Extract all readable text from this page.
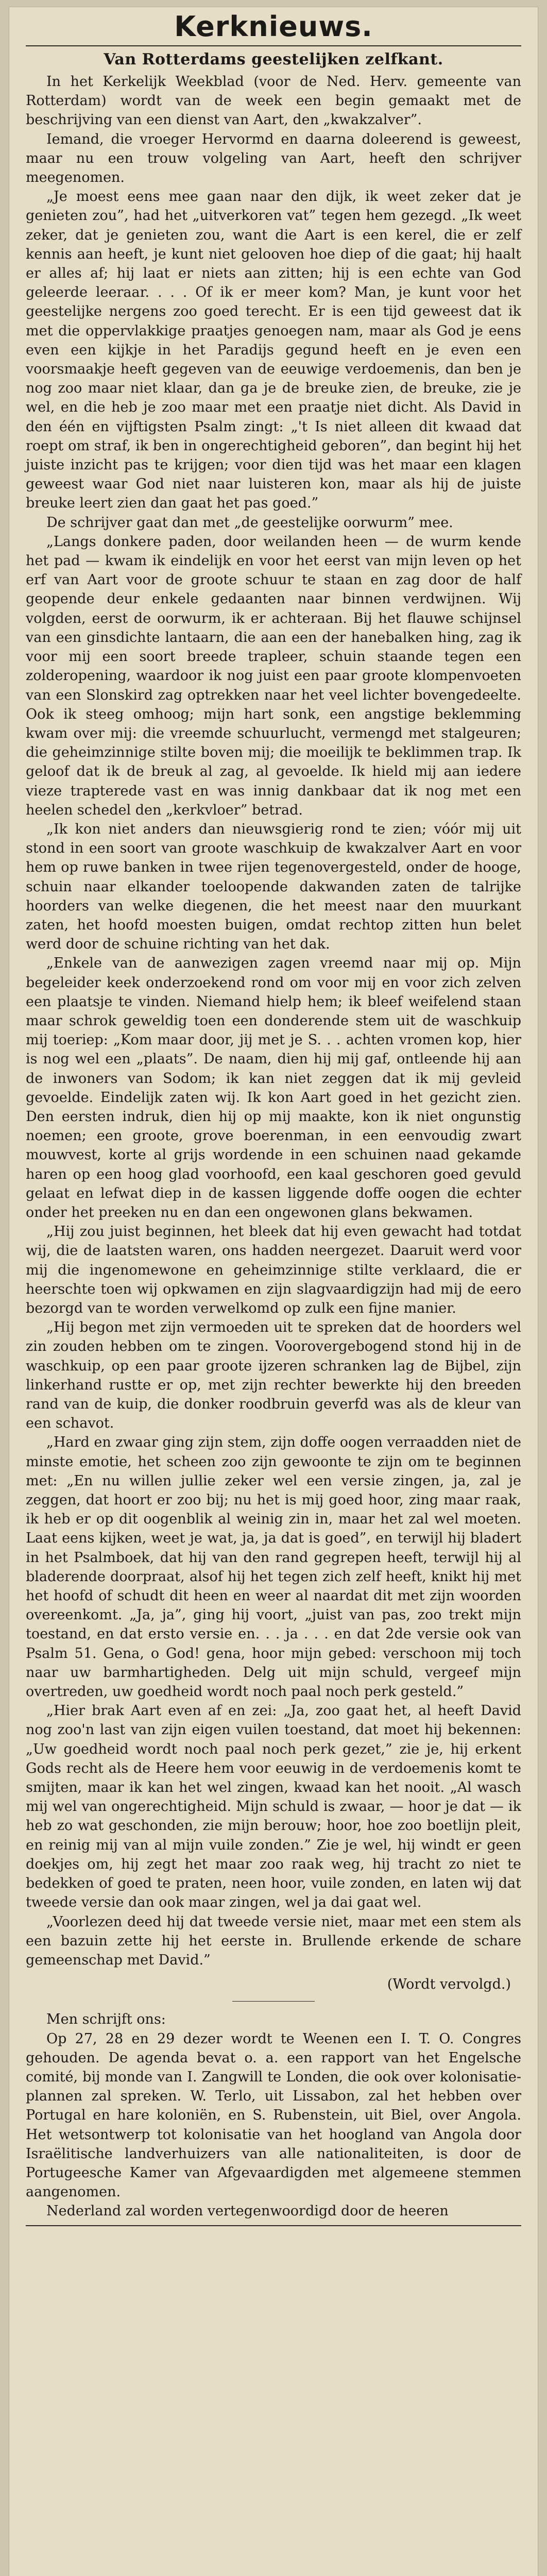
Kerknieuws.
Van Rotterdams geestelijken zelfkant.

In het Kerkelijk Weekblad (voor de Ned. Herv. gemeente van Rotterdam) wordt van de week een begin gemaakt met de beschrijving van een dienst van Aart, den „kwakzalver”.

Iemand, die vroeger Hervormd en daarna doleerend is geweest, maar nu een trouw volgeling van Aart, heeft den schrijver meegenomen.

„Je moest eens mee gaan naar den dijk, ik weet zeker dat je genieten zou”, had het „uitverkoren vat” tegen hem gezegd. „Ik weet zeker, dat je genieten zou, want die Aart is een kerel, die er zelf kennis aan heeft, je kunt niet gelooven hoe diep of die gaat; hij haalt er alles af; hij laat er niets aan zitten; hij is een echte van God geleerde leeraar. . . . Of ik er meer kom? Man, je kunt voor het geestelijke nergens zoo goed terecht. Er is een tijd geweest dat ik met die oppervlakkige praatjes genoegen nam, maar als God je eens even een kijkje in het Paradijs gegund heeft en je even een voorsmaakje heeft gegeven van de eeuwige verdoemenis, dan ben je nog zoo maar niet klaar, dan ga je de breuke zien, de breuke, zie je wel, en die heb je zoo maar met een praatje niet dicht. Als David in den één en vijftigsten Psalm zingt: „'t Is niet alleen dit kwaad dat roept om straf, ik ben in ongerechtigheid geboren”, dan begint hij het juiste inzicht pas te krijgen; voor dien tijd was het maar een klagen geweest waar God niet naar luisteren kon, maar als hij de juiste breuke leert zien dan gaat het pas goed.”

De schrijver gaat dan met „de geestelijke oorwurm” mee.

„Langs donkere paden, door weilanden heen — de wurm kende het pad — kwam ik eindelijk en voor het eerst van mijn leven op het erf van Aart voor de groote schuur te staan en zag door de half geopende deur enkele gedaanten naar binnen verdwijnen. Wij volgden, eerst de oorwurm, ik er achteraan. Bij het flauwe schijnsel van een ginsdichte lantaarn, die aan een der hanebalken hing, zag ik voor mij een soort breede trapleer, schuin staande tegen een zolderopening, waardoor ik nog juist een paar groote klompenvoeten van een Slonskird zag optrekken naar het veel lichter bovengedeelte. Ook ik steeg omhoog; mijn hart sonk, een angstige beklemming kwam over mij: die vreemde schuurlucht, vermengd met stalgeuren; die geheimzinnige stilte boven mij; die moeilijk te beklimmen trap. Ik geloof dat ik de breuk al zag, al gevoelde. Ik hield mij aan iedere vieze trapterede vast en was innig dankbaar dat ik nog met een heelen schedel den „kerkvloer” betrad.

„Ik kon niet anders dan nieuwsgierig rond te zien; vóór mij uit stond in een soort van groote waschkuip de kwakzalver Aart en voor hem op ruwe banken in twee rijen tegenovergesteld, onder de hooge, schuin naar elkander toeloopende dakwanden zaten de talrijke hoorders van welke diegenen, die het meest naar den muurkant zaten, het hoofd moesten buigen, omdat rechtop zitten hun belet werd door de schuine richting van het dak.

„Enkele van de aanwezigen zagen vreemd naar mij op. Mijn begeleider keek onderzoekend rond om voor mij en voor zich zelven een plaatsje te vinden. Niemand hielp hem; ik bleef weifelend staan maar schrok geweldig toen een donderende stem uit de waschkuip mij toeriep: „Kom maar door, jij met je S. . . achten vromen kop, hier is nog wel een „plaats”. De naam, dien hij mij gaf, ontleende hij aan de inwoners van Sodom; ik kan niet zeggen dat ik mij gevleid gevoelde. Eindelijk zaten wij. Ik kon Aart goed in het gezicht zien. Den eersten indruk, dien hij op mij maakte, kon ik niet ongunstig noemen; een groote, grove boerenman, in een eenvoudig zwart mouwvest, korte al grijs wordende in een schuinen naad gekamde haren op een hoog glad voorhoofd, een kaal geschoren goed gevuld gelaat en lefwat diep in de kassen liggende doffe oogen die echter onder het preeken nu en dan een ongewonen glans bekwamen.

„Hij zou juist beginnen, het bleek dat hij even gewacht had totdat wij, die de laatsten waren, ons hadden neergezet. Daaruit werd voor mij die ingenomewone en geheimzinnige stilte verklaard, die er heerschte toen wij opkwamen en zijn slagvaardigzijn had mij de eero bezorgd van te worden verwelkomd op zulk een fijne manier.

„Hij begon met zijn vermoeden uit te spreken dat de hoorders wel zin zouden hebben om te zingen. Voorovergebogend stond hij in de waschkuip, op een paar groote ijzeren schranken lag de Bijbel, zijn linkerhand rustte er op, met zijn rechter bewerkte hij den breeden rand van de kuip, die donker roodbruin geverfd was als de kleur van een schavot.

„Hard en zwaar ging zijn stem, zijn doffe oogen verraadden niet de minste emotie, het scheen zoo zijn gewoonte te zijn om te beginnen met: „En nu willen jullie zeker wel een versie zingen, ja, zal je zeggen, dat hoort er zoo bij; nu het is mij goed hoor, zing maar raak, ik heb er op dit oogenblik al weinig zin in, maar het zal wel moeten. Laat eens kijken, weet je wat, ja, ja dat is goed”, en terwijl hij bladert in het Psalmboek, dat hij van den rand gegrepen heeft, terwijl hij al bladerende doorpraat, alsof hij het tegen zich zelf heeft, knikt hij met het hoofd of schudt dit heen en weer al naardat dit met zijn woorden overeenkomt. „Ja, ja”, ging hij voort, „juist van pas, zoo trekt mijn toestand, en dat ersto versie en. . . ja . . . en dat 2de versie ook van Psalm 51. Gena, o God! gena, hoor mijn gebed: verschoon mij toch naar uw barmhartigheden. Delg uit mijn schuld, vergeef mijn overtreden, uw goedheid wordt noch paal noch perk gesteld.”

„Hier brak Aart even af en zei: „Ja, zoo gaat het, al heeft David nog zoo'n last van zijn eigen vuilen toestand, dat moet hij bekennen: „Uw goedheid wordt noch paal noch perk gezet,” zie je, hij erkent Gods recht als de Heere hem voor eeuwig in de verdoemenis komt te smijten, maar ik kan het wel zingen, kwaad kan het nooit. „Al wasch mij wel van ongerechtigheid. Mijn schuld is zwaar, — hoor je dat — ik heb zo wat geschonden, zie mijn berouw; hoor, hoe zoo boetlijn pleit, en reinig mij van al mijn vuile zonden.” Zie je wel, hij windt er geen doekjes om, hij zegt het maar zoo raak weg, hij tracht zo niet te bedekken of goed te praten, neen hoor, vuile zonden, en laten wij dat tweede versie dan ook maar zingen, wel ja dai gaat wel.

„Voorlezen deed hij dat tweede versie niet, maar met een stem als een bazuin zette hij het eerste in. Brullende erkende de schare gemeenschap met David.”

(Wordt vervolgd.)

Men schrijft ons:

Op 27, 28 en 29 dezer wordt te Weenen een I. T. O. Congres gehouden. De agenda bevat o. a. een rapport van het Engelsche comité, bij monde van I. Zangwill te Londen, die ook over kolonisatie-plannen zal spreken. W. Terlo, uit Lissabon, zal het hebben over Portugal en hare koloniën, en S. Rubenstein, uit Biel, over Angola. Het wetsontwerp tot kolonisatie van het hoogland van Angola door Israëlitische landverhuizers van alle nationaliteiten, is door de Portugeesche Kamer van Afgevaardigden met algemeene stemmen aangenomen.

Nederland zal worden vertegenwoordigd door de heeren
